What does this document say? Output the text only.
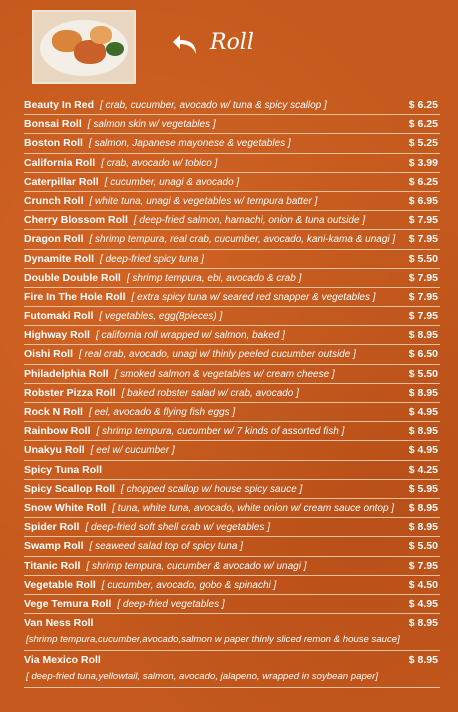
Roll
Beauty In Red [ crab, cucumber, avocado w/ tuna & spicy scallop ]	$ 6.25
Bonsai Roll [ salmon skin w/ vegetables ]	$ 6.25
Boston Roll [ salmon, Japanese mayonese & vegetables ]	$ 5.25
California Roll [ crab, avocado w/ tobico ]	$ 3.99
Caterpillar Roll [ cucumber, unagi & avocado ]	$ 6.25
Crunch Roll [ white tuna, unagi & vegetables w/ tempura batter ]	$ 6.95
Cherry Blossom Roll [ deep-fried salmon, hamachi, onion & tuna outside ]	$ 7.95
Dragon Roll [ shrimp tempura, real crab, cucumber, avocado, kani-kama & unagi ] $ 7.95
Dynamite Roll [ deep-fried spicy tuna ]	$ 5.50
Double Double Roll [ shrimp tempura, ebi, avocado & crab ]	$ 7.95
Fire In The Hole Roll [ extra spicy tuna w/ seared red snapper & vegetables ]	$ 7.95
Futomaki Roll [ vegetables, egg(8pieces) ]	$ 7.95
Highway Roll [ california roll wrapped w/ salmon, baked ]	$ 8.95
Oishi Roll [ real crab, avocado, unagi w/ thinly peeled cucumber outside ]	$ 6.50
Philadelphia Roll [ smoked salmon & vegetables w/ cream cheese ]	$ 5.50
Robster Pizza Roll [ baked robster salad w/ crab, avocado ]	$ 8.95
Rock N Roll [ eel, avocado & flying fish eggs ]	$ 4.95
Rainbow Roll [ shrimp tempura, cucumber w/ 7 kinds of assorted fish ]	$ 8.95
Unakyu Roll [ eel w/ cucumber ]	$ 4.95
Spicy Tuna Roll	$ 4.25
Spicy Scallop Roll [ chopped scallop w/ house spicy sauce ]	$ 5.95
Snow White Roll [ tuna, white tuna, avocado, white onion w/ cream sauce ontop ] $ 8.95
Spider Roll [ deep-fried soft shell crab w/ vegetables ]	$ 8.95
Swamp Roll [ seaweed salad top of spicy tuna ]	$ 5.50
Titanic Roll [ shrimp tempura, cucumber & avocado w/ unagi ]	$ 7.95
Vegetable Roll [ cucumber, avocado, gobo & spinachi ]	$ 4.50
Vege Temura Roll [ deep-fried vegetables ]	$ 4.95
Van Ness Roll	$ 8.95
[shrimp tempura,cucumber,avocado,salmon w paper thinly sliced remon & house sauce]
Via Mexico Roll	$ 8.95
[ deep-fried tuna,yellowtail, salmon, avocado, jalapeno, wrapped in soybean paper]
